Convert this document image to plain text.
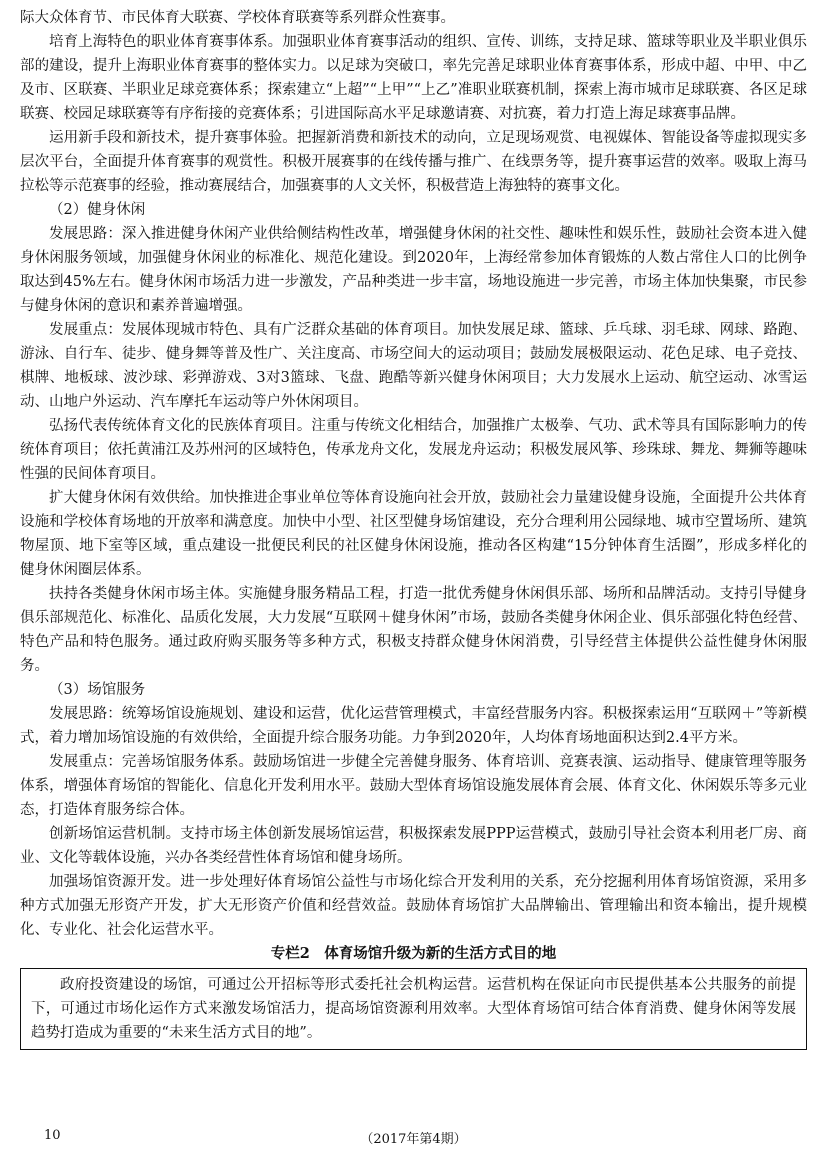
际大众体育节、市民体育大联赛、学校体育联赛等系列群众性赛事。

培育上海特色的职业体育赛事体系。加强职业体育赛事活动的组织、宣传、训练，支持足球、篮球等职业及半职业俱乐部的建设，提升上海职业体育赛事的整体实力。以足球为突破口，率先完善足球职业体育赛事体系，形成中超、中甲、中乙及市、区联赛、半职业足球竞赛体系；探索建立“上超”“上甲”“上乙”准职业联赛机制，探索上海市城市足球联赛、各区足球联赛、校园足球联赛等有序衔接的竞赛体系；引进国际高水平足球邀请赛、对抗赛，着力打造上海足球赛事品牌。

运用新手段和新技术，提升赛事体验。把握新消费和新技术的动向，立足现场观赏、电视媒体、智能设备等虚拟现实多层次平台，全面提升体育赛事的观赏性。积极开展赛事的在线传播与推广、在线票务等，提升赛事运营的效率。吸取上海马拉松等示范赛事的经验，推动赛展结合，加强赛事的人文关怀，积极营造上海独特的赛事文化。

（2）健身休闲

发展思路：深入推进健身休闲产业供给侧结构性改革，增强健身休闲的社交性、趣味性和娱乐性，鼓励社会资本进入健身休闲服务领域，加强健身休闲业的标准化、规范化建设。到2020年，上海经常参加体育锻炼的人数占常住人口的比例争取达到45%左右。健身休闲市场活力进一步激发，产品种类进一步丰富，场地设施进一步完善，市场主体加快集聚，市民参与健身休闲的意识和素养普遍增强。

发展重点：发展体现城市特色、具有广泛群众基础的体育项目。加快发展足球、篮球、乒乓球、羽毛球、网球、路跑、游泳、自行车、徒步、健身舞等普及性广、关注度高、市场空间大的运动项目；鼓励发展极限运动、花色足球、电子竞技、棋牌、地板球、波沙球、彩弹游戏、3对3篮球、飞盘、跑酷等新兴健身休闲项目；大力发展水上运动、航空运动、冰雪运动、山地户外运动、汽车摩托车运动等户外休闲项目。

弘扬代表传统体育文化的民族体育项目。注重与传统文化相结合，加强推广太极拳、气功、武术等具有国际影响力的传统体育项目；依托黄浦江及苏州河的区域特色，传承龙舟文化，发展龙舟运动；积极发展风筝、珍珠球、舞龙、舞狮等趣味性强的民间体育项目。

扩大健身休闲有效供给。加快推进企事业单位等体育设施向社会开放，鼓励社会力量建设健身设施，全面提升公共体育设施和学校体育场地的开放率和满意度。加快中小型、社区型健身场馆建设，充分合理利用公园绿地、城市空置场所、建筑物屋顶、地下室等区域，重点建设一批便民利民的社区健身休闲设施，推动各区构建“15分钟体育生活圈”，形成多样化的健身休闲圈层体系。

扶持各类健身休闲市场主体。实施健身服务精品工程，打造一批优秀健身休闲俱乐部、场所和品牌活动。支持引导健身俱乐部规范化、标准化、品质化发展，大力发展“互联网＋健身休闲”市场，鼓励各类健身休闲企业、俱乐部强化特色经营、特色产品和特色服务。通过政府购买服务等多种方式，积极支持群众健身休闲消费，引导经营主体提供公益性健身休闲服务。

（3）场馆服务

发展思路：统筹场馆设施规划、建设和运营，优化运营管理模式，丰富经营服务内容。积极探索运用“互联网＋”等新模式，着力增加场馆设施的有效供给，全面提升综合服务功能。力争到2020年，人均体育场地面积达到2.4平方米。

发展重点：完善场馆服务体系。鼓励场馆进一步健全完善健身服务、体育培训、竞赛表演、运动指导、健康管理等服务体系，增强体育场馆的智能化、信息化开发利用水平。鼓励大型体育场馆设施发展体育会展、体育文化、休闲娱乐等多元业态，打造体育服务综合体。

创新场馆运营机制。支持市场主体创新发展场馆运营，积极探索发展PPP运营模式，鼓励引导社会资本利用老厂房、商业、文化等载体设施，兴办各类经营性体育场馆和健身场所。

加强场馆资源开发。进一步处理好体育场馆公益性与市场化综合开发利用的关系，充分挖掘利用体育场馆资源，采用多种方式加强无形资产开发，扩大无形资产价值和经营效益。鼓励体育场馆扩大品牌输出、管理输出和资本输出，提升规模化、专业化、社会化运营水平。

专栏2 体育场馆升级为新的生活方式目的地

政府投资建设的场馆，可通过公开招标等形式委托社会机构运营。运营机构在保证向市民提供基本公共服务的前提下，可通过市场化运作方式来激发场馆活力，提高场馆资源利用效率。大型体育场馆可结合体育消费、健身休闲等发展趋势打造成为重要的“未来生活方式目的地”。

10	（2017年第4期）
